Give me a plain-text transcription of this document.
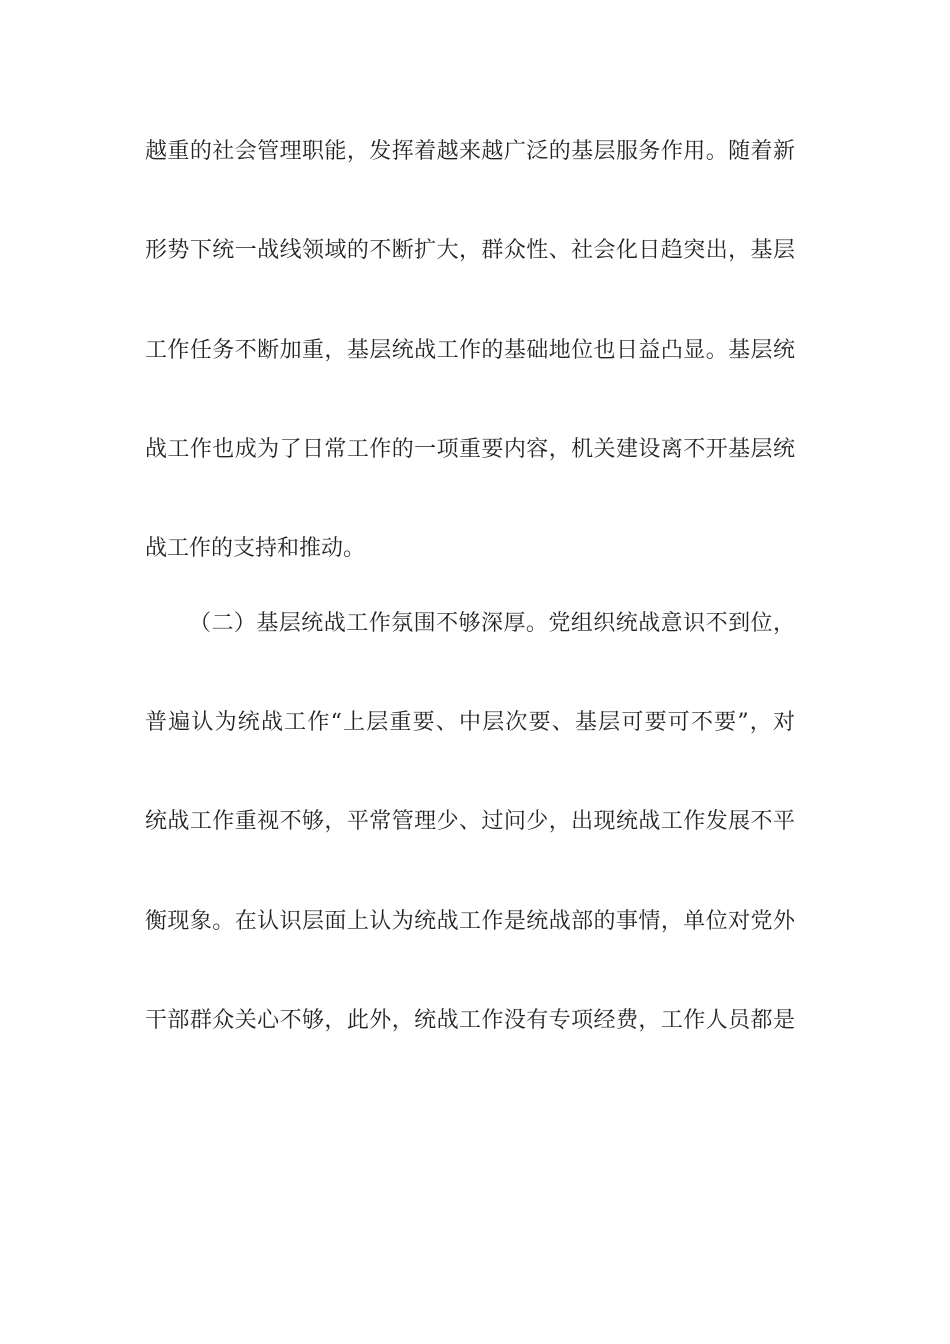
越重的社会管理职能，发挥着越来越广泛的基层服务作用。随着新
形势下统一战线领域的不断扩大，群众性、社会化日趋突出，基层
工作任务不断加重，基层统战工作的基础地位也日益凸显。基层统
战工作也成为了日常工作的一项重要内容，机关建设离不开基层统
战工作的支持和推动。
（二）基层统战工作氛围不够深厚。党组织统战意识不到位，
普遍认为统战工作“上层重要、中层次要、基层可要可不要”，对
统战工作重视不够，平常管理少、过问少，出现统战工作发展不平
衡现象。在认识层面上认为统战工作是统战部的事情，单位对党外
干部群众关心不够，此外，统战工作没有专项经费，工作人员都是
